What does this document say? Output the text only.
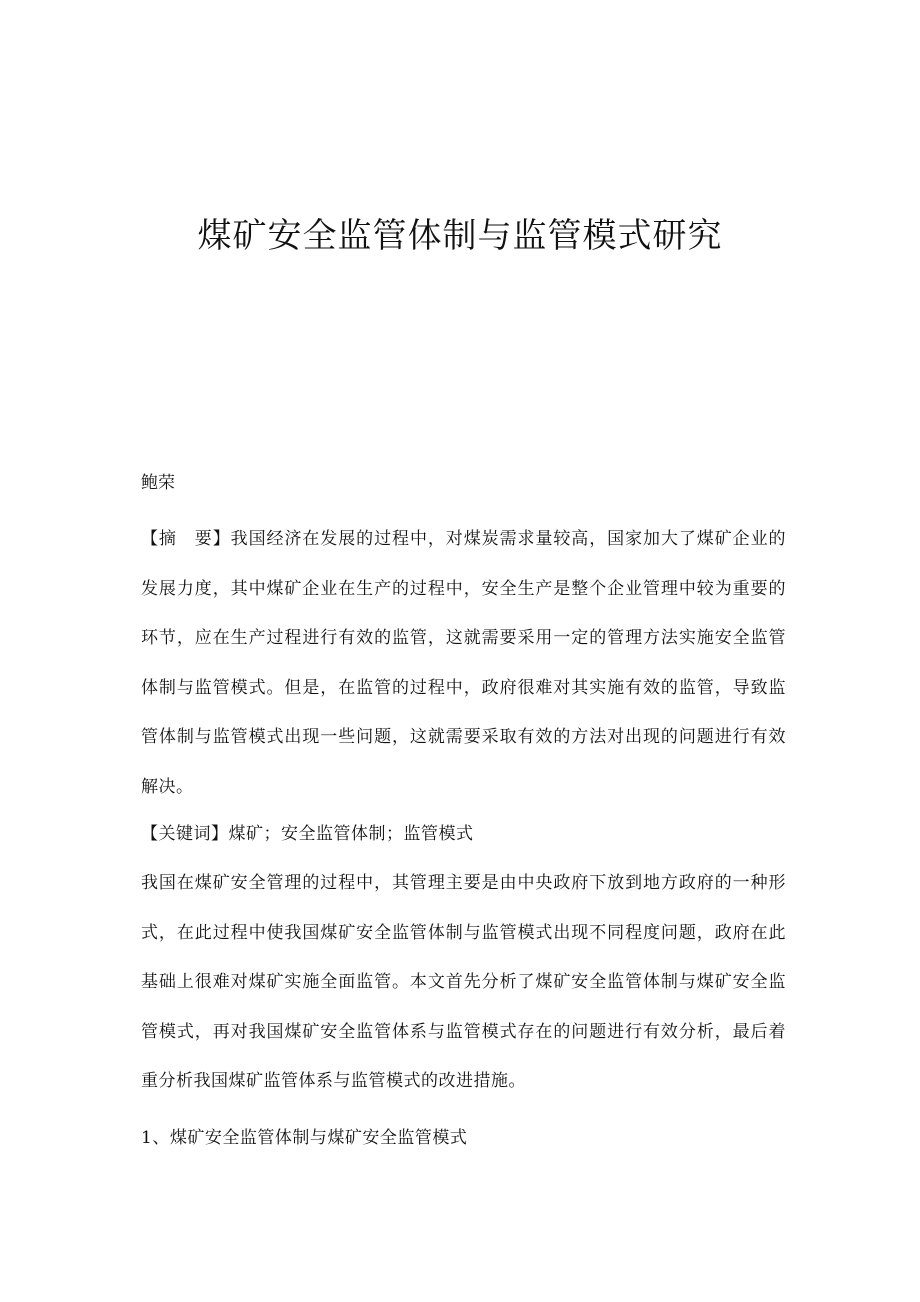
煤矿安全监管体制与监管模式研究

鲍荣

【摘　要】我国经济在发展的过程中，对煤炭需求量较高，国家加大了煤矿企业的发展力度，其中煤矿企业在生产的过程中，安全生产是整个企业管理中较为重要的环节，应在生产过程进行有效的监管，这就需要采用一定的管理方法实施安全监管体制与监管模式。但是，在监管的过程中，政府很难对其实施有效的监管，导致监管体制与监管模式出现一些问题，这就需要采取有效的方法对出现的问题进行有效解决。

【关键词】煤矿；安全监管体制；监管模式

我国在煤矿安全管理的过程中，其管理主要是由中央政府下放到地方政府的一种形式，在此过程中使我国煤矿安全监管体制与监管模式出现不同程度问题，政府在此基础上很难对煤矿实施全面监管。本文首先分析了煤矿安全监管体制与煤矿安全监管模式，再对我国煤矿安全监管体系与监管模式存在的问题进行有效分析，最后着重分析我国煤矿监管体系与监管模式的改进措施。

1、煤矿安全监管体制与煤矿安全监管模式
